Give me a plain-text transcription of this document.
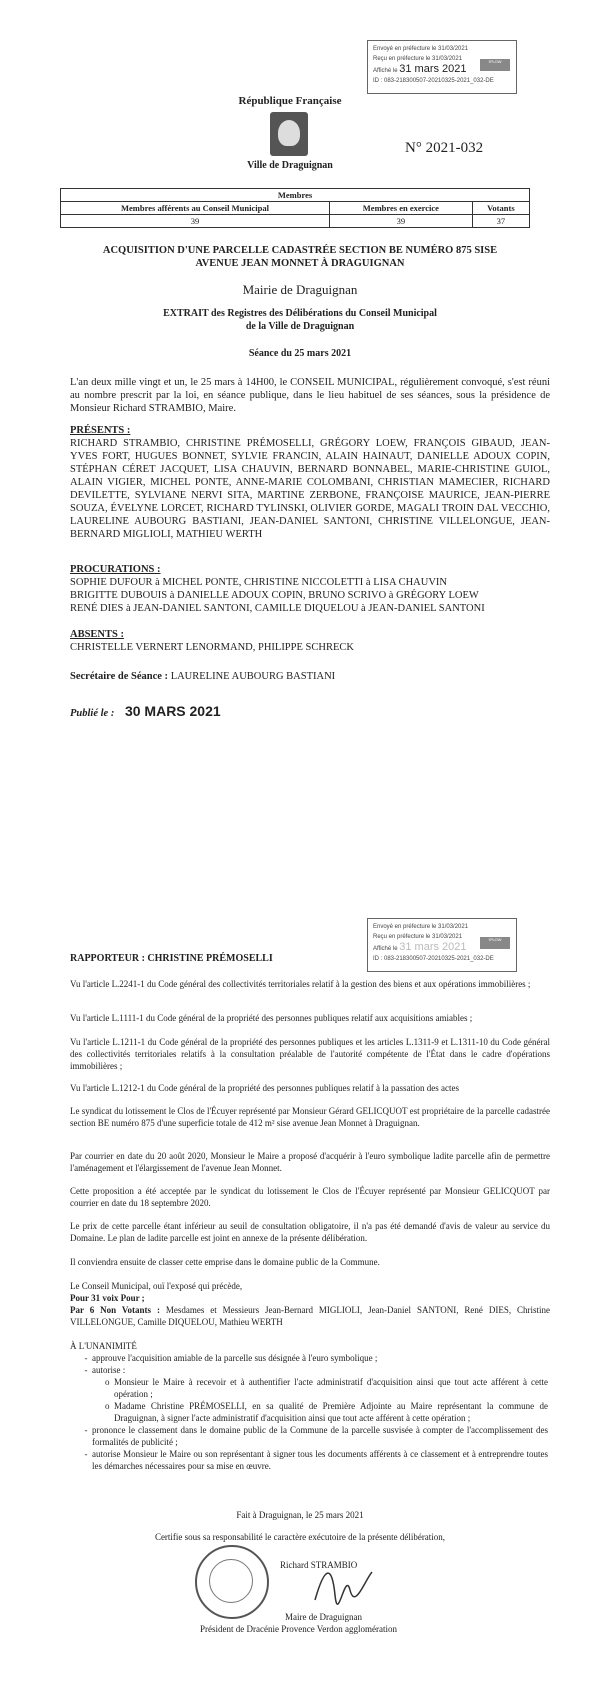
Envoyé en préfecture le 31/03/2021
Reçu en préfecture le 31/03/2021
Affiché le 31 mars 2021
ID : 083-218300507-20210325-2021_032-DE
S²LOW
République Française
Ville de Draguignan
N° 2021-032
Membres		
Membres afférents au Conseil Municipal	Membres en exercice	Votants
39	39	37
ACQUISITION D'UNE PARCELLE CADASTRÉE SECTION BE NUMÉRO 875 SISE
AVENUE JEAN MONNET À DRAGUIGNAN
Mairie de Draguignan
EXTRAIT des Registres des Délibérations du Conseil Municipal
de la Ville de Draguignan
Séance du 25 mars 2021
L'an deux mille vingt et un, le 25 mars à 14H00, le CONSEIL MUNICIPAL, régulièrement convoqué, s'est réuni au nombre prescrit par la loi, en séance publique, dans le lieu habituel de ses séances, sous la présidence de Monsieur Richard STRAMBIO, Maire.
PRÉSENTS :
RICHARD STRAMBIO, CHRISTINE PRÉMOSELLI, GRÉGORY LOEW, FRANÇOIS GIBAUD, JEAN-YVES FORT, HUGUES BONNET, SYLVIE FRANCIN, ALAIN HAINAUT, DANIELLE ADOUX COPIN, STÉPHAN CÉRET JACQUET, LISA CHAUVIN, BERNARD BONNABEL, MARIE-CHRISTINE GUIOL, ALAIN VIGIER, MICHEL PONTE, ANNE-MARIE COLOMBANI, CHRISTIAN MAMECIER, RICHARD DEVILETTE, SYLVIANE NERVI SITA, MARTINE ZERBONE, FRANÇOISE MAURICE, JEAN-PIERRE SOUZA, ÉVELYNE LORCET, RICHARD TYLINSKI, OLIVIER GORDE, MAGALI TROIN DAL VECCHIO, LAURELINE AUBOURG BASTIANI, JEAN-DANIEL SANTONI, CHRISTINE VILLELONGUE, JEAN-BERNARD MIGLIOLI, MATHIEU WERTH
PROCURATIONS :
SOPHIE DUFOUR à MICHEL PONTE, CHRISTINE NICCOLETTI à LISA CHAUVIN
BRIGITTE DUBOUIS à DANIELLE ADOUX COPIN, BRUNO SCRIVO à GRÉGORY LOEW
RENÉ DIES à JEAN-DANIEL SANTONI, CAMILLE DIQUELOU à JEAN-DANIEL SANTONI
ABSENTS :
CHRISTELLE VERNERT LENORMAND, PHILIPPE SCHRECK
Secrétaire de Séance : LAURELINE AUBOURG BASTIANI
Publié le : 30 MARS 2021
Envoyé en préfecture le 31/03/2021
Reçu en préfecture le 31/03/2021
Affiché le 31 mars 2021
ID : 083-218300507-20210325-2021_032-DE
S²LOW
RAPPORTEUR : CHRISTINE PRÉMOSELLI
Vu l'article L.2241-1 du Code général des collectivités territoriales relatif à la gestion des biens et aux opérations immobilières ;
Vu l'article L.1111-1 du Code général de la propriété des personnes publiques relatif aux acquisitions amiables ;
Vu l'article L.1211-1 du Code général de la propriété des personnes publiques et les articles L.1311-9 et L.1311-10 du Code général des collectivités territoriales relatifs à la consultation préalable de l'autorité compétente de l'État dans le cadre d'opérations immobilières ;
Vu l'article L.1212-1 du Code général de la propriété des personnes publiques relatif à la passation des actes
Le syndicat du lotissement le Clos de l'Écuyer représenté par Monsieur Gérard GELICQUOT est propriétaire de la parcelle cadastrée section BE numéro 875 d'une superficie totale de 412 m² sise avenue Jean Monnet à Draguignan.
Par courrier en date du 20 août 2020, Monsieur le Maire a proposé d'acquérir à l'euro symbolique ladite parcelle afin de permettre l'aménagement et l'élargissement de l'avenue Jean Monnet.
Cette proposition a été acceptée par le syndicat du lotissement le Clos de l'Écuyer représenté par Monsieur GELICQUOT par courrier en date du 18 septembre 2020.
Le prix de cette parcelle étant inférieur au seuil de consultation obligatoire, il n'a pas été demandé d'avis de valeur au service du Domaine. Le plan de ladite parcelle est joint en annexe de la présente délibération.
Il conviendra ensuite de classer cette emprise dans le domaine public de la Commune.
Le Conseil Municipal, ouï l'exposé qui précède,
Pour 31 voix Pour ;
Par 6 Non Votants : Mesdames et Messieurs Jean-Bernard MIGLIOLI, Jean-Daniel SANTONI, René DIES, Christine VILLELONGUE, Camille DIQUELOU, Mathieu WERTH
À L'UNANIMITÉ
- approuve l'acquisition amiable de la parcelle sus désignée à l'euro symbolique ;
- autorise :
o Monsieur le Maire à recevoir et à authentifier l'acte administratif d'acquisition ainsi que tout acte afférent à cette opération ;
o Madame Christine PRÉMOSELLI, en sa qualité de Première Adjointe au Maire représentant la commune de Draguignan, à signer l'acte administratif d'acquisition ainsi que tout acte afférent à cette opération ;
- prononce le classement dans le domaine public de la Commune de la parcelle susvisée à compter de l'accomplissement des formalités de publicité ;
- autorise Monsieur le Maire ou son représentant à signer tous les documents afférents à ce classement et à entreprendre toutes les démarches nécessaires pour sa mise en œuvre.
Fait à Draguignan, le 25 mars 2021
Certifie sous sa responsabilité le caractère exécutoire de la présente délibération,
Richard STRAMBIO
Maire de Draguignan
Président de Dracénie Provence Verdon agglomération
